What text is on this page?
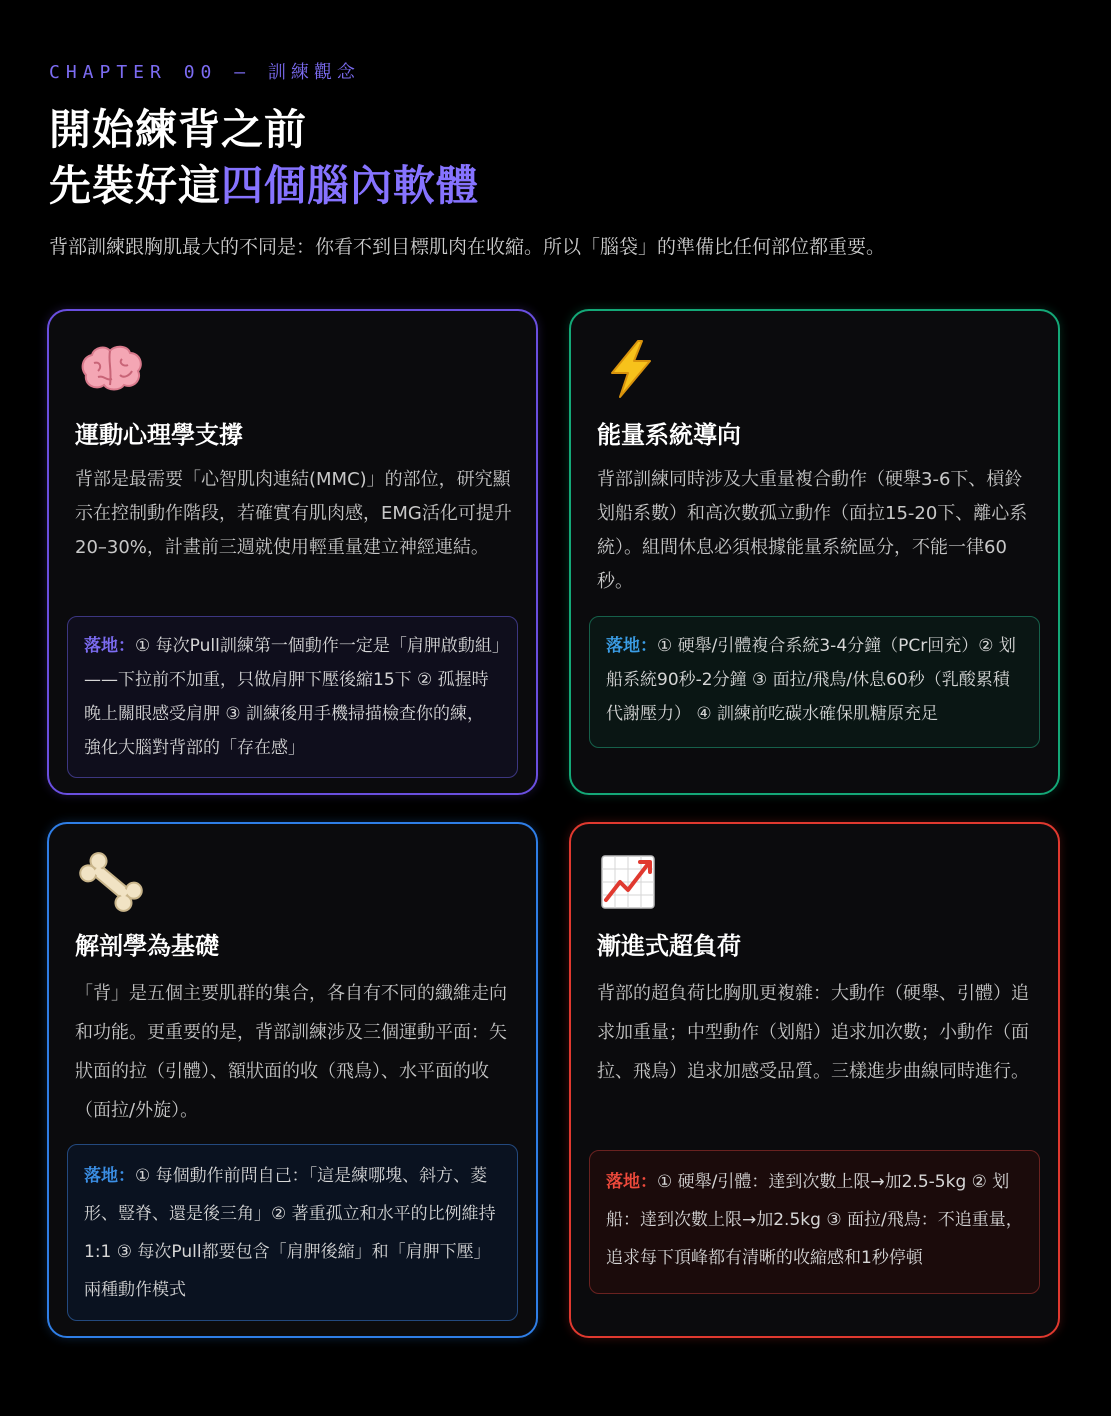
CHAPTER 00 — 訓練觀念
開始練背之前
先裝好這四個腦內軟體
背部訓練跟胸肌最大的不同是：你看不到目標肌肉在收縮。所以「腦袋」的準備比任何部位都重要。
運動心理學支撐
背部是最需要「心智肌肉連結(MMC)」的部位，研究顯示在控制動作階段，若確實有肌肉感，EMG活化可提升20–30%，計畫前三週就使用輕重量建立神經連結。
落地：① 每次Pull訓練第一個動作一定是「肩胛啟動組」——下拉前不加重，只做肩胛下壓後縮15下 ② 孤握時晚上關眼感受肩胛 ③ 訓練後用手機掃描檢查你的練，強化大腦對背部的「存在感」
能量系統導向
背部訓練同時涉及大重量複合動作（硬舉3-6下、槓鈴划船系數）和高次數孤立動作（面拉15-20下、離心系統）。組間休息必須根據能量系統區分，不能一律60秒。
落地：① 硬舉/引體複合系統3-4分鐘（PCr回充）② 划船系統90秒-2分鐘 ③ 面拉/飛鳥/休息60秒（乳酸累積代謝壓力） ④ 訓練前吃碳水確保肌糖原充足
解剖學為基礎
「背」是五個主要肌群的集合，各自有不同的纖維走向和功能。更重要的是，背部訓練涉及三個運動平面：矢狀面的拉（引體）、額狀面的收（飛鳥）、水平面的收（面拉/外旋）。
落地：① 每個動作前問自己：「這是練哪塊、斜方、菱形、豎脊、還是後三角」② 著重孤立和水平的比例維持1:1 ③ 每次Pull都要包含「肩胛後縮」和「肩胛下壓」兩種動作模式
漸進式超負荷
背部的超負荷比胸肌更複雜：大動作（硬舉、引體）追求加重量；中型動作（划船）追求加次數；小動作（面拉、飛鳥）追求加感受品質。三樣進步曲線同時進行。
落地：① 硬舉/引體：達到次數上限→加2.5-5kg ② 划船：達到次數上限→加2.5kg ③ 面拉/飛鳥：不追重量，追求每下頂峰都有清晰的收縮感和1秒停頓
